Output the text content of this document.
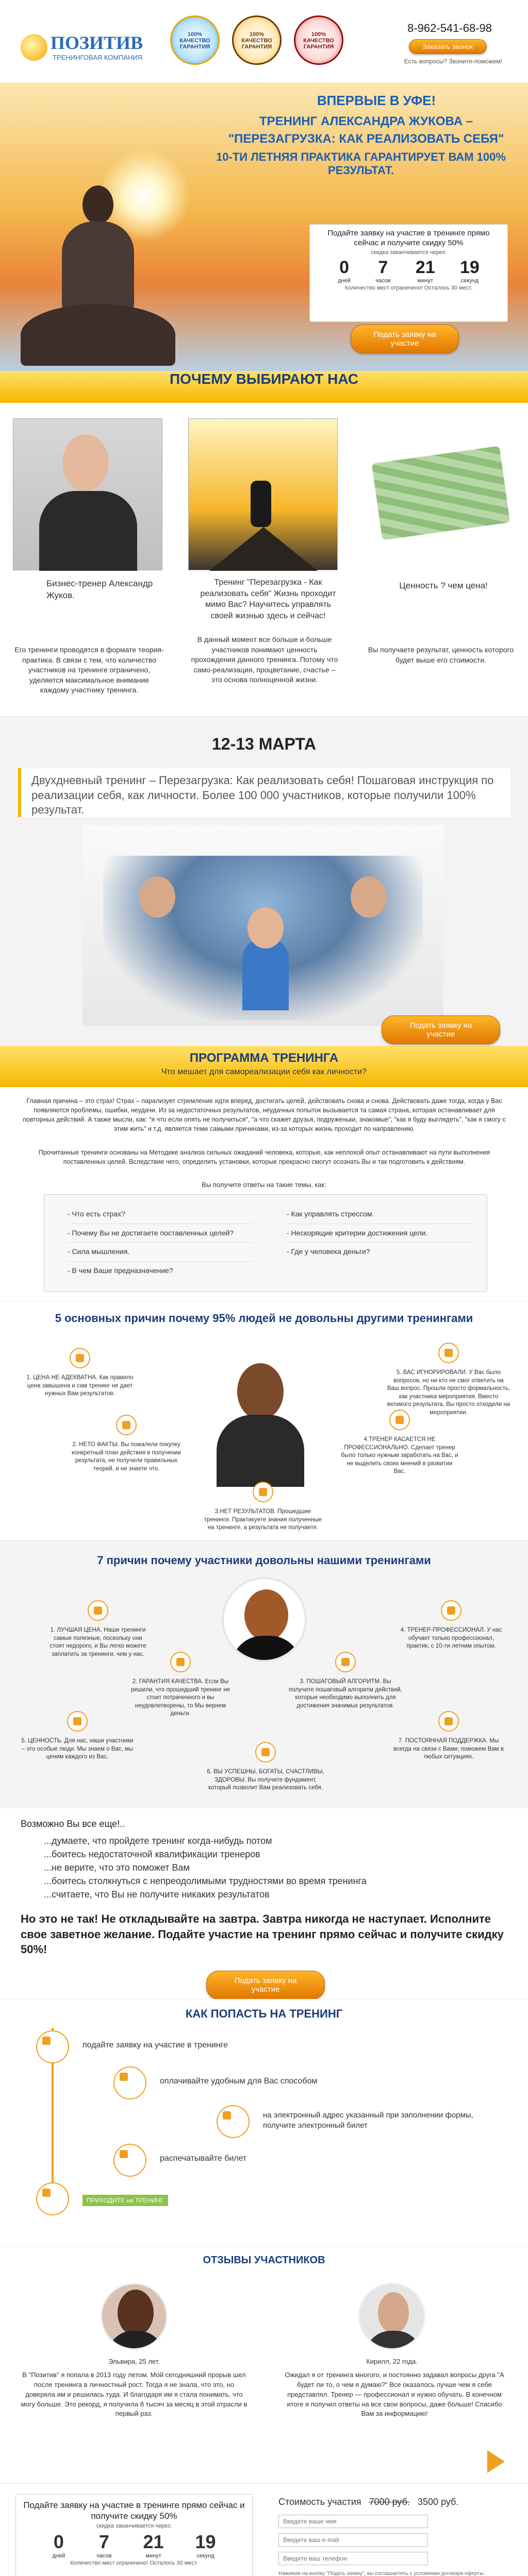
ПОЗИТИВ
ТРЕНИНГОВАЯ КОМПАНИЯ
100% КАЧЕСТВО ГАРАНТИЯ
100% КАЧЕСТВО ГАРАНТИЯ
100% КАЧЕСТВО ГАРАНТИЯ
8-962-541-68-98
Заказать звонок
Есть вопросы? Звоните-поможем!
ВПЕРВЫЕ В УФЕ!
ТРЕНИНГ АЛЕКСАНДРА ЖУКОВА –
"ПЕРЕЗАГРУЗКА: КАК РЕАЛИЗОВАТЬ СЕБЯ"
10-ТИ ЛЕТНЯЯ ПРАКТИКА ГАРАНТИРУЕТ ВАМ 100% РЕЗУЛЬТАТ.
Подайте заявку на участие в тренинге прямо сейчас и получите скидку 50%
скидка заканчивается через:
0
дней
7
часов
21
минут
19
секунд
Количество мест ограничено! Осталось 30 мест.
Подать заявку на участие
ПОЧЕМУ ВЫБИРАЮТ НАС
Бизнес-тренер Александр Жуков.
Тренинг "Перезагрузка - Как реализовать себя" Жизнь проходит мимо Вас? Научитесь управлять своей жизнью здесь и сейчас!
Ценность ? чем цена!
Его тренинги проводятся в формате теория-практика. В связи с тем, что количество участников на тренинге ограничено, уделяется максимальное внимание каждому участнику тренинга.
В данный момент все больше и больше участников понимают ценность прохождения данного тренинга. Потому что само-реализация, процветание, счастье – это основа полноценной жизни.
Вы получаете результат, ценность которого будет выше его стоимости.
12-13 МАРТА
Двухдневный тренинг – Перезагрузка: Как реализовать себя! Пошаговая инструкция по реализации себя, как личности. Более 100 000 участников, которые получили 100% результат.
Подать заявку на участие
ПРОГРАММА ТРЕНИНГА
Что мешает для самореализации себя как личности?
Главная причина – это страх! Страх – парализует стремление идти вперед, достигать целей, действовать снова и снова. Действовать даже тогда, когда у Вас появляются проблемы, ошибки, неудачи. Из за недостаточных результатов, неудачных попыток вызывается та самая страна, которая останавливает для повторных действий. А также мысли, как: "я что если опять не получиться", "а что скажет друзья, подруженьки, знакомые", "как я буду выглядеть", "как я смогу с этим жить" и т.д. является теми самыми причинами, из-за которых жизнь проходит по направлению.
Прочитанные тренинги основаны на Методике анализа сильных ожиданий человека, которые, как неплохой опыт останавливают на пути выполнения поставленных целей. Вследствие чего, определить установки, которые прекрасно смогут осознать Вы и так подготовить к действиям.
Вы получите ответы на такие темы, как:
- Что есть страх?
- Почему Вы не достигаете поставленных целей?
- Сила мышления.
- В чем Ваше предназначение?
- Как управлять стрессом.
- Нескорящие критерии достижения цели.
- Где у человека деньги?
5 основных причин почему 95% людей не довольны другими тренингами
1. ЦЕНА НЕ АДЕКВАТНА. Как правило цена завышена и сам тренинг не дает нужных Вам результатов.
2. НЕТО ФАКТЫ. Вы пожалели покупку конкретный план действия в получении результата, не получили правильных теорий, и не знаете что.
3.НЕТ РЕЗУЛЬТАТОВ. Прошедшие тренинги. Практикуете знания полученные на тренинге, а результата не получаете.
4.ТРЕНЕР КАСАЕТСЯ НЕ ПРОФЕССИОНАЛЬНО. Сделает тренер было только нужным заработать на Вас, и не выделить своих мнений в развитии Вас.
5. ВАС ИГНОРИРОВАЛИ. У Вас было вопросов, но ни кто не смог ответить на Ваш вопрос. Прошли просто формальность, как участника мероприятия. Вместо великого результата, Вы просто отходили на мероприятии.
7 причин почему участники довольны нашими тренингами
1. ЛУЧШАЯ ЦЕНА. Наши тренинги самые полезные, поскольку они стоят недорого, и Вы легко можете заплатить за тренинги, чем у нас.
2. ГАРАНТИЯ КАЧЕСТВА. Если Вы решили, что прошедший тренинг не стоит потраченного и вы неудовлетворены, то Мы вернем деньги.
3. ПОШАГОВЫЙ АЛГОРИТМ. Вы получите пошаговый алгоритм действий, которые необходимо выполнить для достижения значимых результатов.
4. ТРЕНЕР-ПРОФЕССИОНАЛ. У нас обучает только профессионал, практик, с 10-ти летним опытом.
5. ЦЕННОСТЬ. Для нас, наши участники – это особые люди. Мы знаем о Вас, мы ценим каждого из Вас.
6. ВЫ УСПЕШНЫ, БОГАТЫ, СЧАСТЛИВЫ, ЗДОРОВЫ. Вы получите фундамент, который позволит Вам реализовать себя.
7. ПОСТОЯННАЯ ПОДДЕРЖКА. Мы всегда на связи с Вами, поможем Вам в любых ситуациях.
Возможно Вы все еще!..
...думаете, что пройдете тренинг когда-нибудь потом
...боитесь недостаточной квалификации тренеров
...не верите, что это поможет Вам
...боитесь столкнуться с непреодолимыми трудностями во время тренинга
...считаете, что Вы не получите никаких результатов
Но это не так! Не откладывайте на завтра. Завтра никогда не наступает. Исполните свое заветное желание. Подайте участие на тренинг прямо сейчас и получите скидку 50%!
Подать заявку на участие
КАК ПОПАСТЬ НА ТРЕНИНГ
подайте заявку на участие в тренинге
оплачивайте удобным для Вас способом
на электронный адрес указанный при заполнении формы, получите электронный билет
распечатывайте билет
ПРИХОДИТЕ на ТРЕНИНГ
ОТЗЫВЫ УЧАСТНИКОВ
Эльвира, 25 лет.
В "Позитив" я попала в 2013 году летом. Мой сегодняшний прорыв шел после тренинга в личностный рост. Тогда я не знала, что это, но доверяла им и решилась туда. И благодаря им я стала понимать, что могу больше. Это рекорд, я получила 8 тысяч за месяц в этой отрасли в первый раз.
Кирилл, 22 года.
Ожидал я от тренинга многого, и постоянно задавал вопросы друга "А будет ли то, о чем я думаю?" Все оказалось лучше чем я себе представлял. Тренер — профессионал и нужно обучать. В конечном итоге я получил ответы на все свои вопросы, даже больше! Спасибо Вам за информацию!
Подайте заявку на участие в тренинге прямо сейчас и получите скидку 50%
скидка заканчивается через:
0
дней
7
часов
21
минут
19
секунд
Количество мест ограничено! Осталось 30 мест.
Стоимость участия 7000 руб. 3500 руб.
Введите ваше имя
Введите ваш e-mail
Введите ваш телефон
Нажимая на кнопку "Подать заявку", вы соглашаетесь с условиями договора-оферты.
